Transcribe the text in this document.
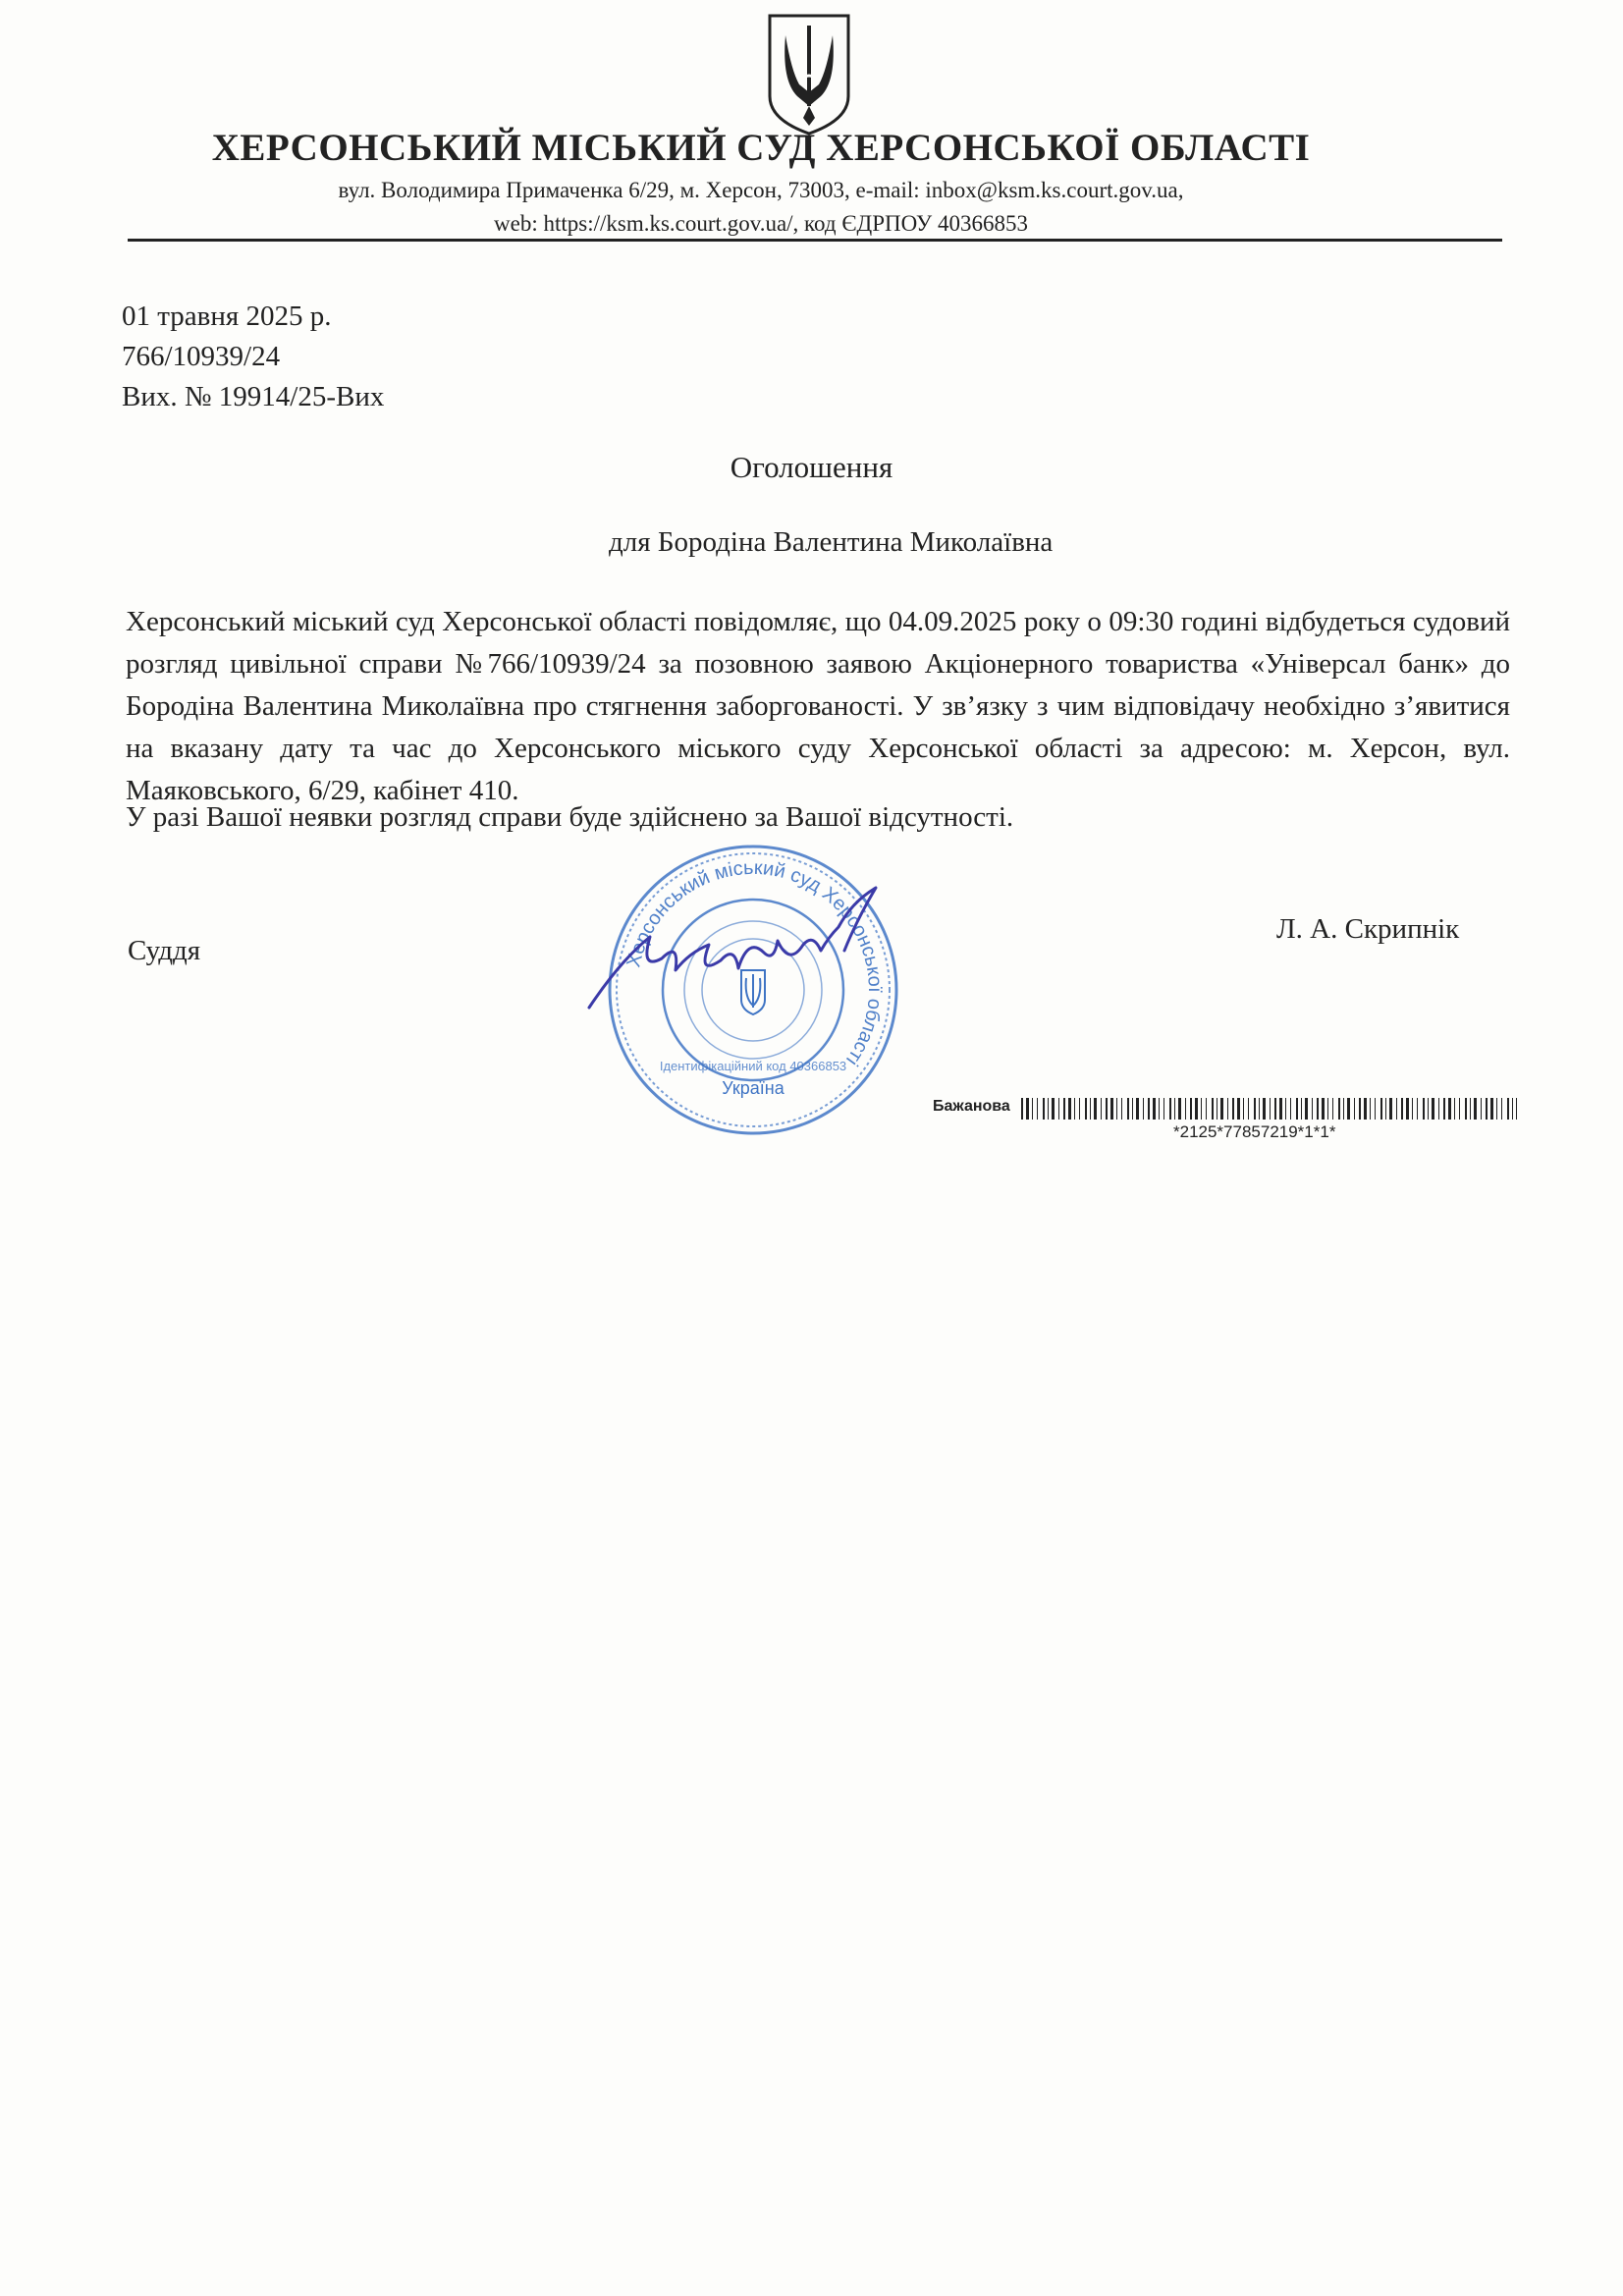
ХЕРСОНСЬКИЙ МІСЬКИЙ СУД ХЕРСОНСЬКОЇ ОБЛАСТІ
вул. Володимира Примаченка 6/29, м. Херсон, 73003, e-mail: inbox@ksm.ks.court.gov.ua,
web: https://ksm.ks.court.gov.ua/, код ЄДРПОУ 40366853
01 травня 2025 р.
766/10939/24
Вих. № 19914/25-Вих
Оголошення
для Бородіна Валентина Миколаївна
Херсонський міський суд Херсонської області повідомляє, що 04.09.2025 року о 09:30 годині відбудеться судовий розгляд цивільної справи №766/10939/24 за позовною заявою Акціонерного товариства «Універсал банк» до Бородіна Валентина Миколаївна про стягнення заборгованості. У зв’язку з чим відповідачу необхідно з’явитися на вказану дату та час до Херсонського міського суду Херсонської області за адресою: м. Херсон, вул. Маяковського, 6/29, кабінет 410.
У разі Вашої неявки розгляд справи буде здійснено за Вашої відсутності.
Суддя
Л. А. Скрипнік
Херсонський міський суд Херсонської області
Україна
Ідентифікаційний код 40366853
Бажанова
*2125*77857219*1*1*
